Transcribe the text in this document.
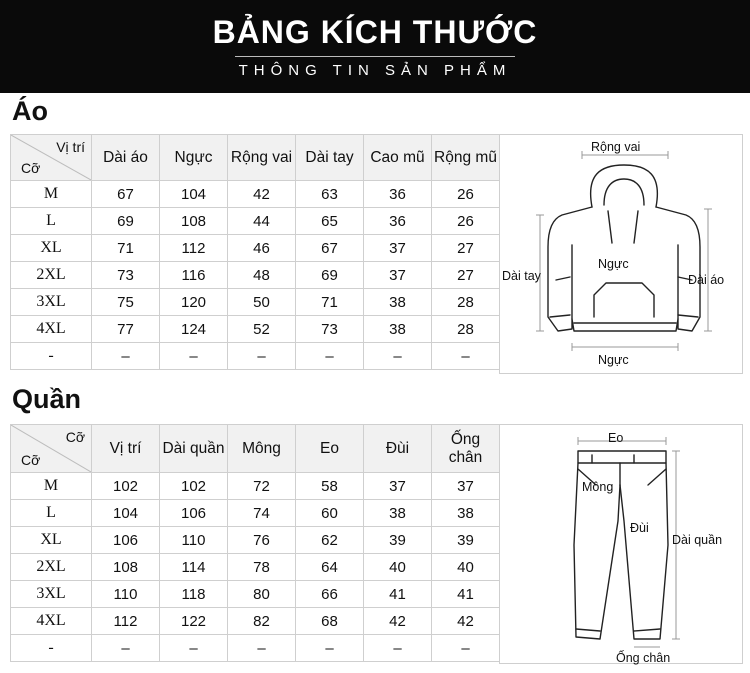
BẢNG KÍCH THƯỚC
THÔNG TIN SẢN PHẨM
Áo
Vị trí
Cỡ	Dài áo	Ngực	Rộng vai	Dài tay	Cao mũ	Rộng mũ
M	67	104	42	63	36	26
L	69	108	44	65	36	26
XL	71	112	46	67	37	27
2XL	73	116	48	69	37	27
3XL	75	120	50	71	38	28
4XL	77	124	52	73	38	28
-	–	–	–	–	–	–
Rộng vai
Ngực
Dài tay	Dài áo
Ngực
Quần
Cỡ
Cỡ	Vị trí	Dài quần	Mông	Eo	Đùi	Ống chân
M	102	102	72	58	37	37
L	104	106	74	60	38	38
XL	106	110	76	62	39	39
2XL	108	114	78	64	40	40
3XL	110	118	80	66	41	41
4XL	112	122	82	68	42	42
-	–	–	–	–	–	–
Eo
Mông
Đùi
Dài quần
Ống chân
